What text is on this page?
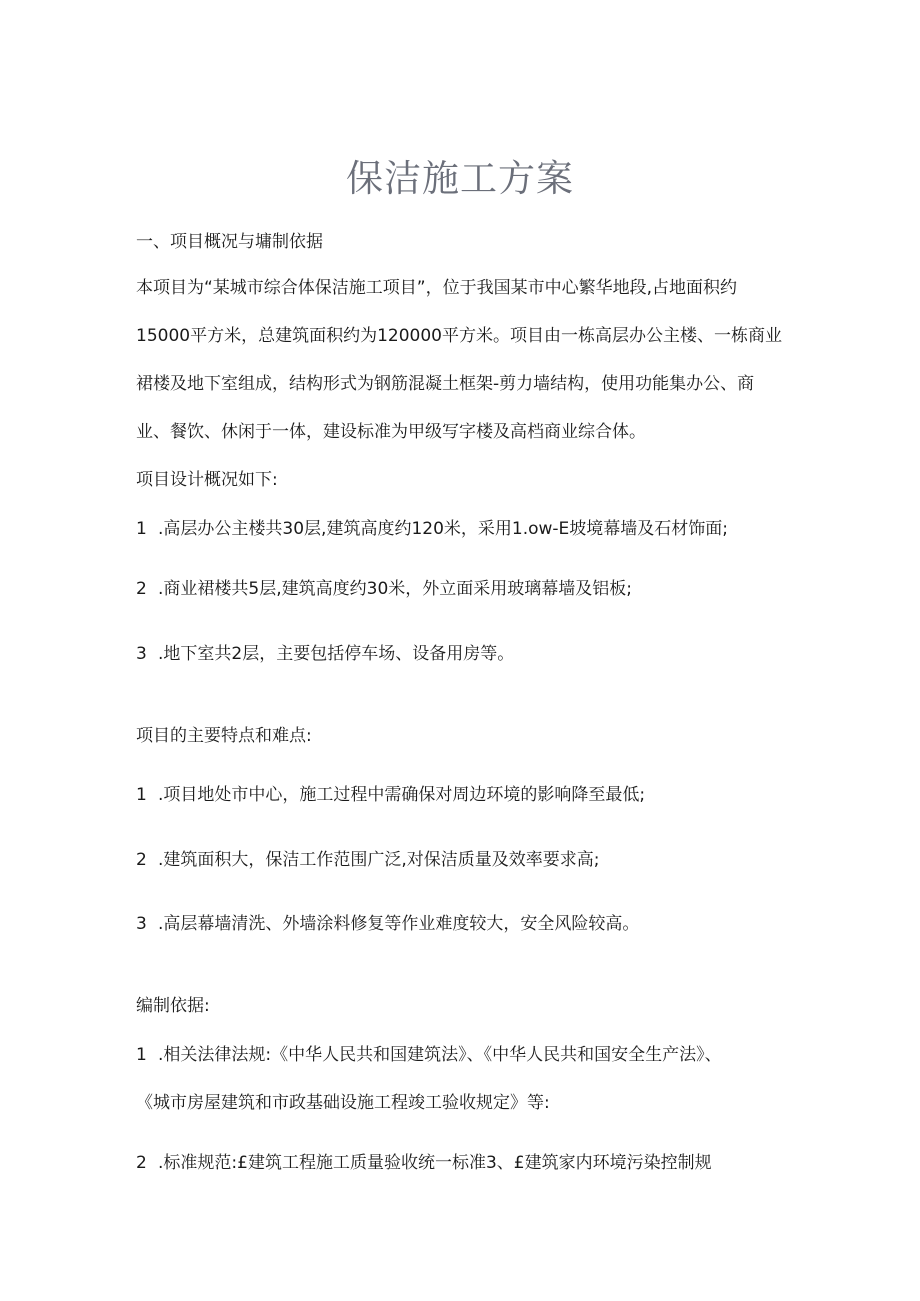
保洁施工方案
一、项目概况与墉制依据
本项目为“某城市综合体保洁施工项目”，位于我国某市中心繁华地段,占地面积约
15000平方米，总建筑面积约为120000平方米。项目由一栋高层办公主楼、一栋商业
裙楼及地下室组成，结构形式为钢筋混凝土框架-剪力墙结构，使用功能集办公、商
业、餐饮、休闲于一体，建设标准为甲级写字楼及高档商业综合体。
项目设计概况如下:
1 .高层办公主楼共30层,建筑高度约120米，采用1.ow-E坡境幕墙及石材饰面;
2 .商业裙楼共5层,建筑高度约30米，外立面采用玻璃幕墙及铝板;
3 .地下室共2层，主要包括停车场、设备用房等。
项目的主要特点和难点:
1 .项目地处市中心，施工过程中需确保对周边环境的影响降至最低;
2 .建筑面积大，保洁工作范围广泛,对保洁质量及效率要求高;
3 .高层幕墙清洗、外墙涂料修复等作业难度较大，安全风险较高。
编制依据:
1 .相关法律法规:《中华人民共和国建筑法》、《中华人民共和国安全生产法》、
《城市房屋建筑和市政基础设施工程竣工验收规定》等:
2 .标准规范:£建筑工程施工质量验收统一标准3、£建筑家内环境污染控制规
